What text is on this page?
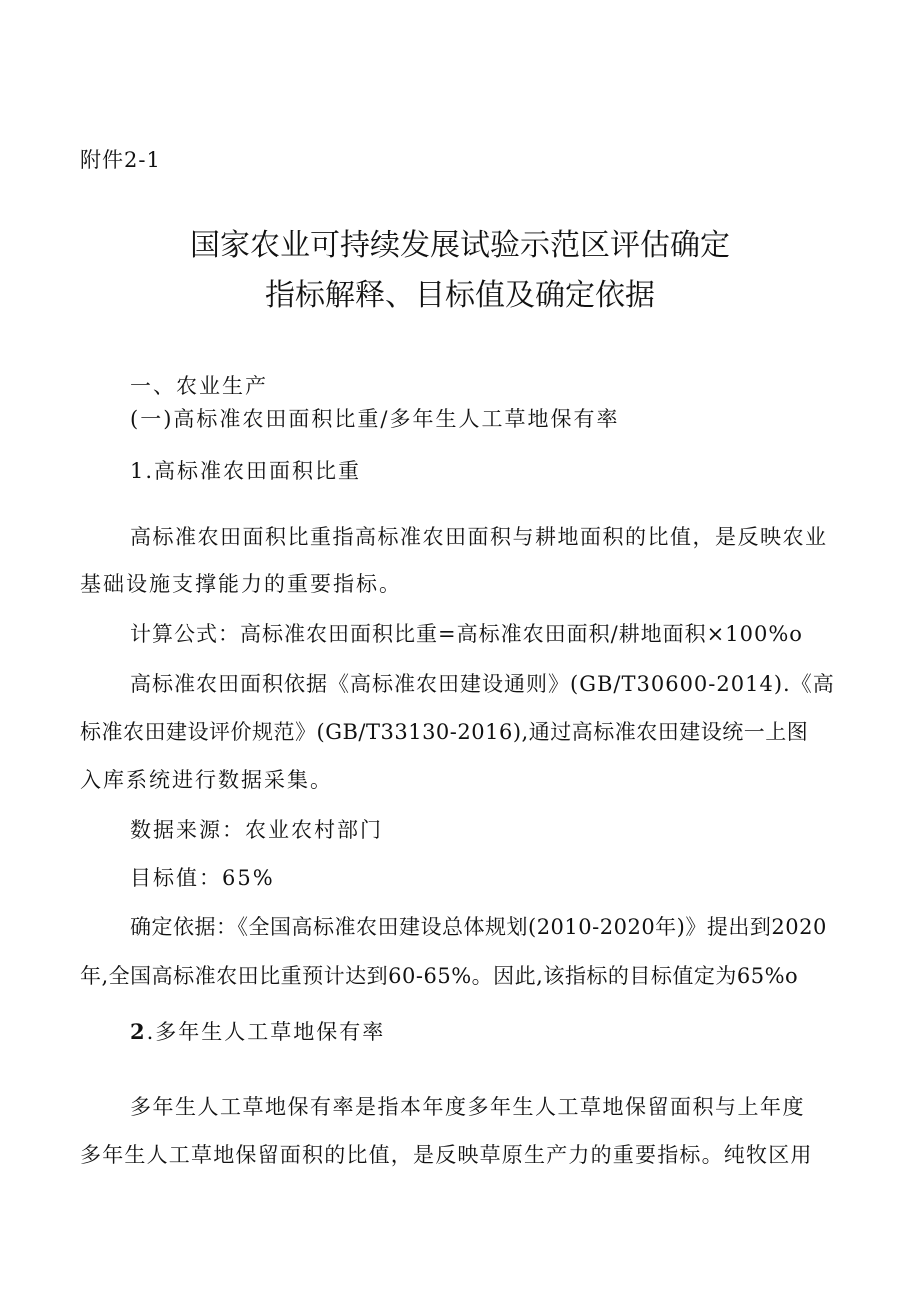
附件2-1
国家农业可持续发展试验示范区评估确定
指标解释、目标值及确定依据
一、农业生产
(一)高标准农田面积比重/多年生人工草地保有率
1.高标准农田面积比重
高标准农田面积比重指高标准农田面积与耕地面积的比值，是反映农业
基础设施支撑能力的重要指标。
计算公式：高标准农田面积比重=高标准农田面积/耕地面积×100%o
高标准农田面积依据《高标准农田建设通则》(GB/T30600-2014).《高
标准农田建设评价规范》(GB/T33130-2016),通过高标准农田建设统一上图
入库系统进行数据采集。
数据来源：农业农村部门
目标值：65%
确定依据：《全国高标准农田建设总体规划(2010-2020年)》提出到2020
年,全国高标准农田比重预计达到60-65%。因此,该指标的目标值定为65%o
2.多年生人工草地保有率
多年生人工草地保有率是指本年度多年生人工草地保留面积与上年度
多年生人工草地保留面积的比值，是反映草原生产力的重要指标。纯牧区用
